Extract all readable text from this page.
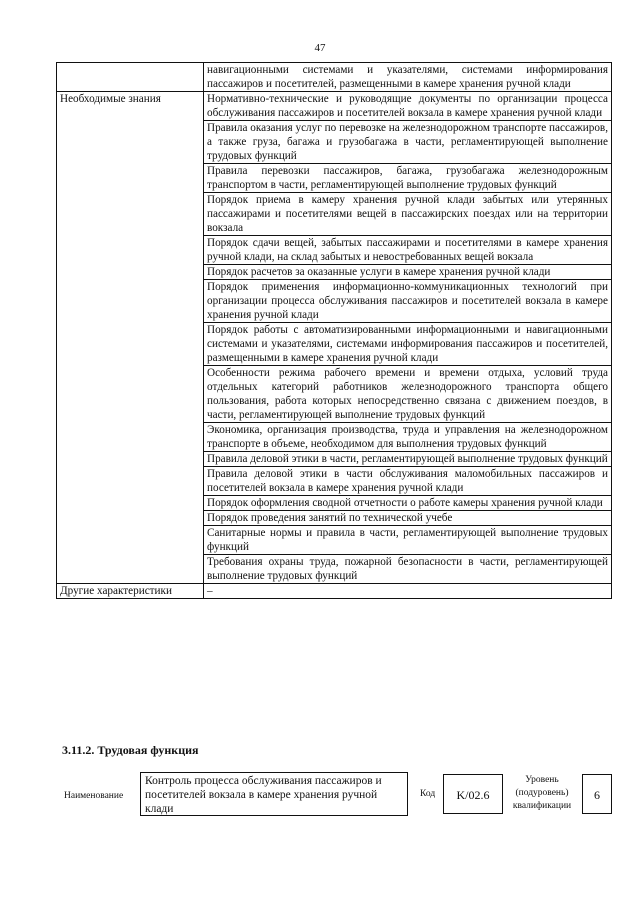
47
	навигационными системами и указателями, системами информирования пассажиров и посетителей, размещенными в камере хранения ручной клади
Необходимые знания	Нормативно-технические и руководящие документы по организации процесса обслуживания пассажиров и посетителей вокзала в камере хранения ручной клади
	Правила оказания услуг по перевозке на железнодорожном транспорте пассажиров, а также груза, багажа и грузобагажа в части, регламентирующей выполнение трудовых функций
	Правила перевозки пассажиров, багажа, грузобагажа железнодорожным транспортом в части, регламентирующей выполнение трудовых функций
	Порядок приема в камеру хранения ручной клади забытых или утерянных пассажирами и посетителями вещей в пассажирских поездах или на территории вокзала
	Порядок сдачи вещей, забытых пассажирами и посетителями в камере хранения ручной клади, на склад забытых и невостребованных вещей вокзала
	Порядок расчетов за оказанные услуги в камере хранения ручной клади
	Порядок применения информационно-коммуникационных технологий при организации процесса обслуживания пассажиров и посетителей вокзала в камере хранения ручной клади
	Порядок работы с автоматизированными информационными и навигационными системами и указателями, системами информирования пассажиров и посетителей, размещенными в камере хранения ручной клади
	Особенности режима рабочего времени и времени отдыха, условий труда отдельных категорий работников железнодорожного транспорта общего пользования, работа которых непосредственно связана с движением поездов, в части, регламентирующей выполнение трудовых функций
	Экономика, организация производства, труда и управления на железнодорожном транспорте в объеме, необходимом для выполнения трудовых функций
	Правила деловой этики в части, регламентирующей выполнение трудовых функций
	Правила деловой этики в части обслуживания маломобильных пассажиров и посетителей вокзала в камере хранения ручной клади
	Порядок оформления сводной отчетности о работе камеры хранения ручной клади
	Порядок проведения занятий по технической учебе
	Санитарные нормы и правила в части, регламентирующей выполнение трудовых функций
	Требования охраны труда, пожарной безопасности в части, регламентирующей выполнение трудовых функций
Другие характеристики	–
3.11.2. Трудовая функция
Наименование
Контроль процесса обслуживания пассажиров и посетителей вокзала в камере хранения ручной клади
Код	K/02.6
Уровень (подуровень) квалификации
6
